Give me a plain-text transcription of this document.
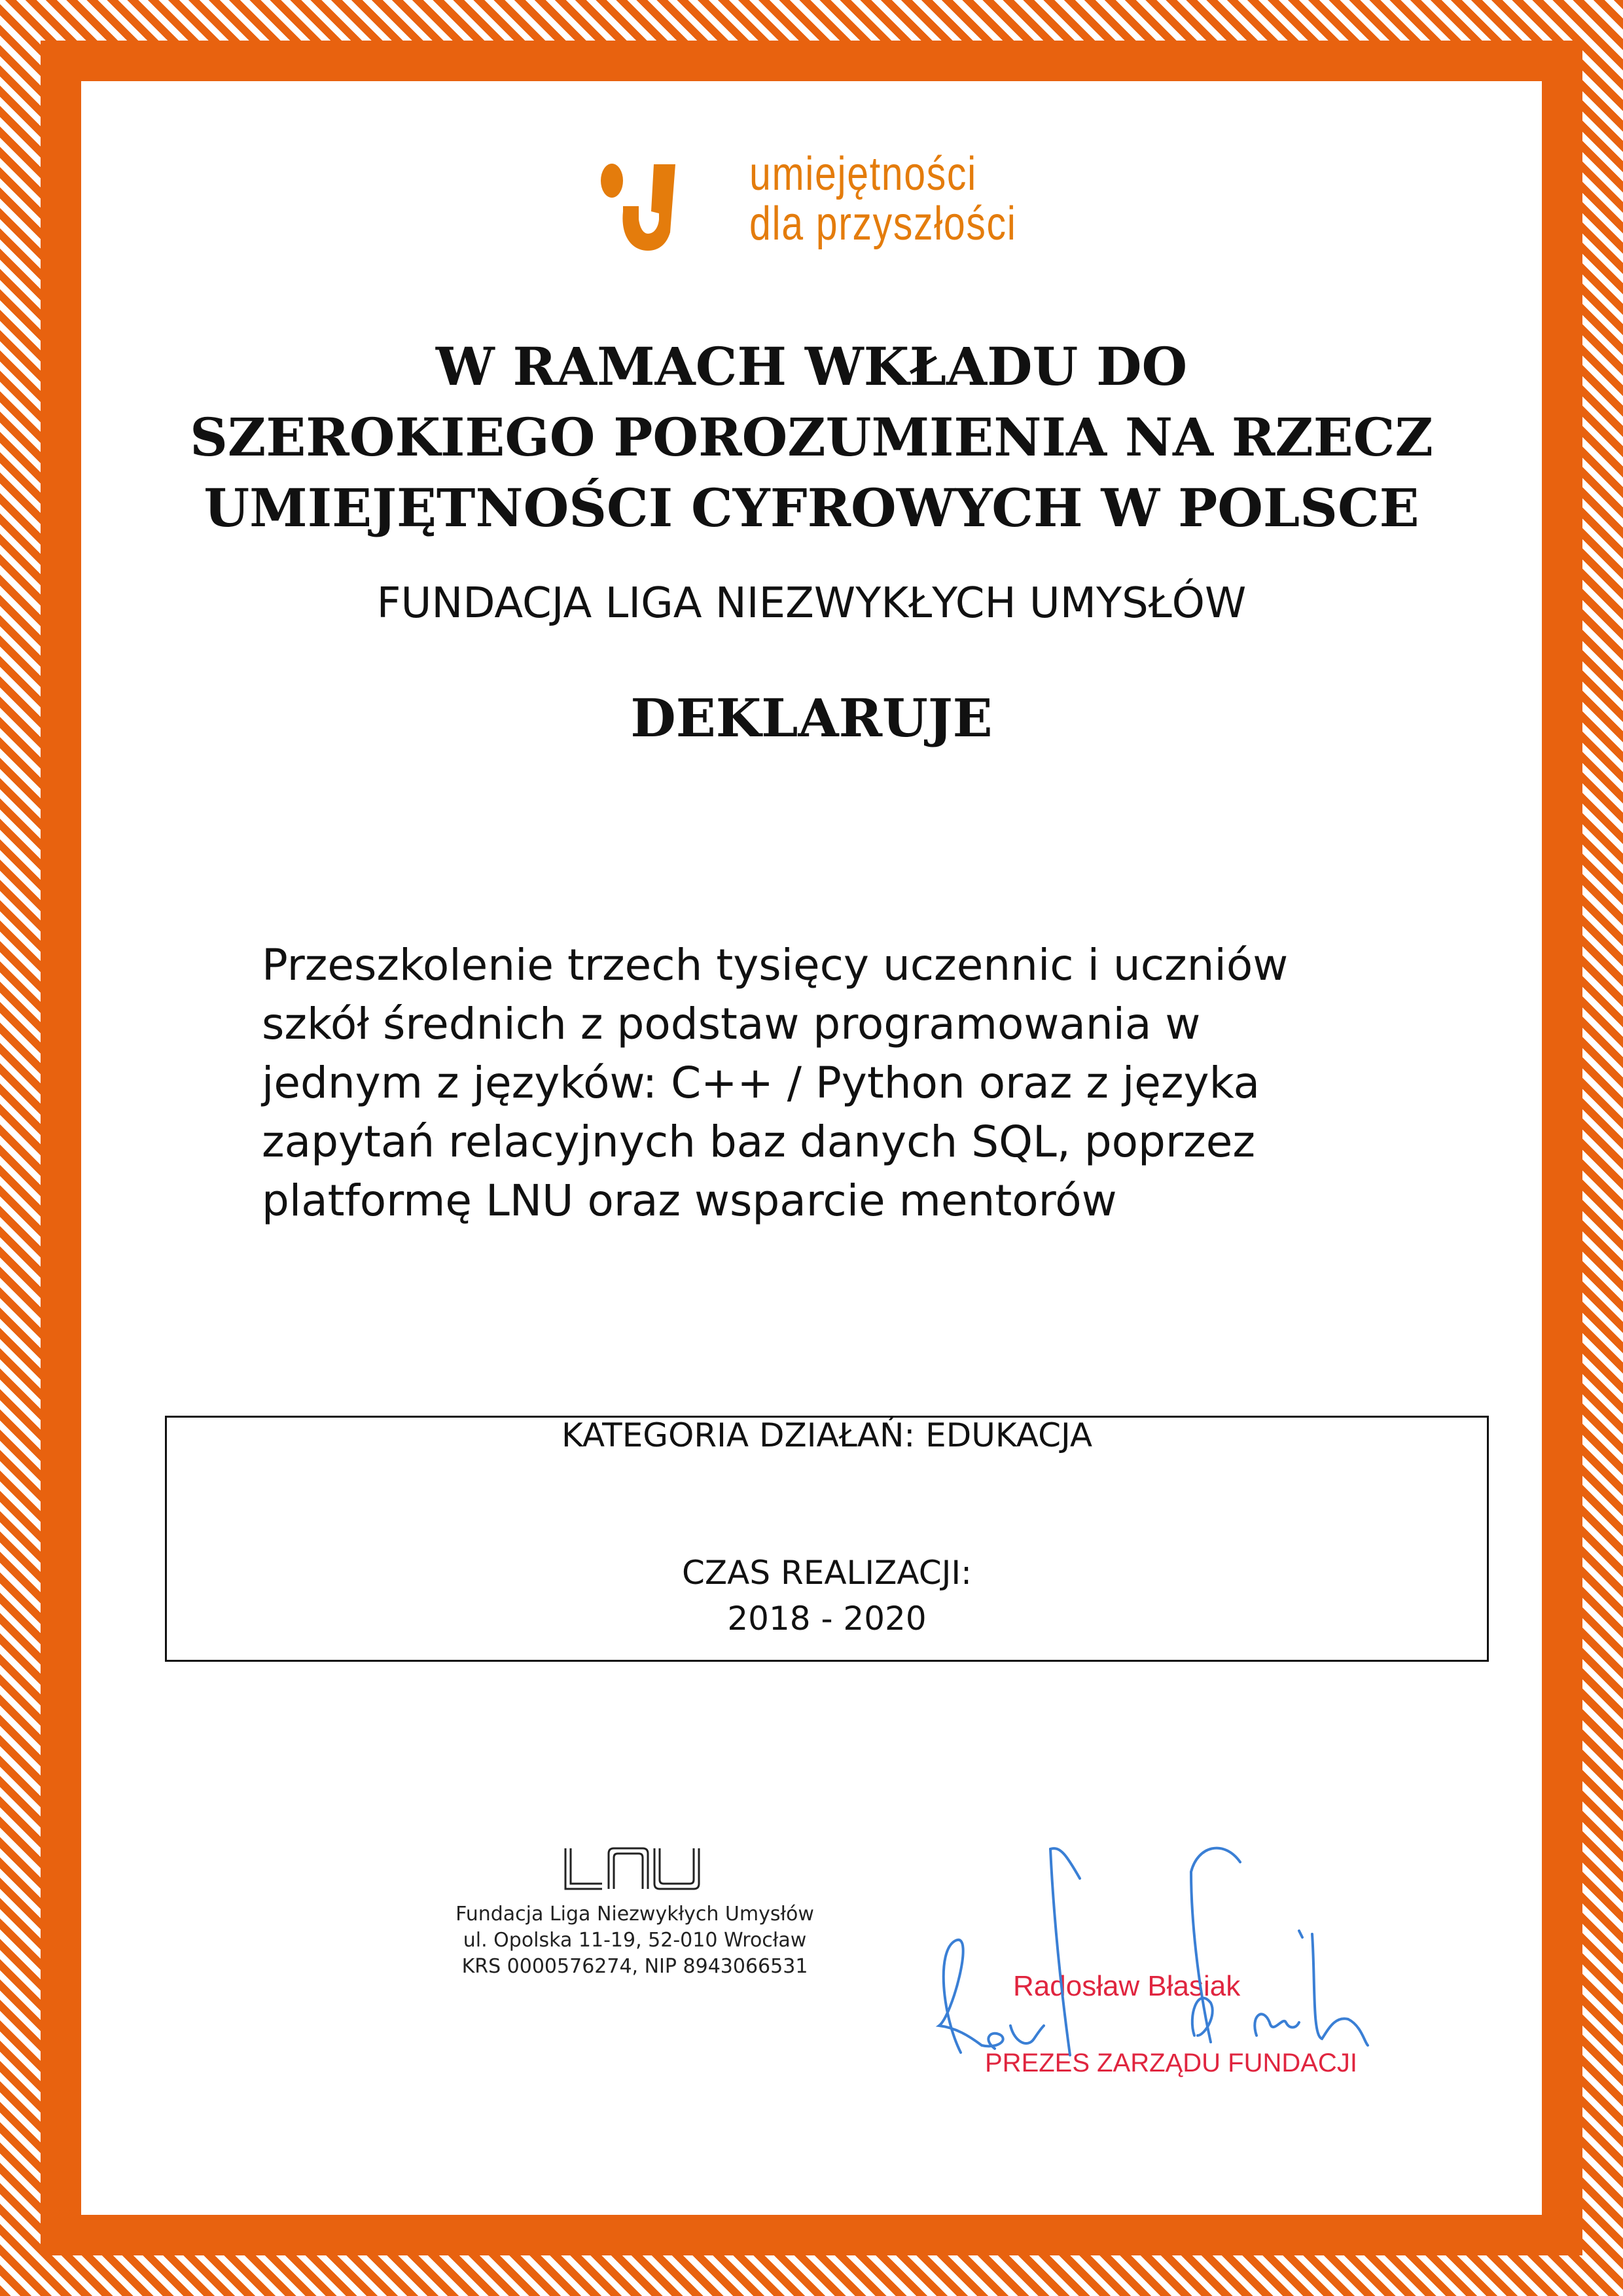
umiejętności
dla przyszłości
W RAMACH WKŁADU DO
SZEROKIEGO POROZUMIENIA NA RZECZ
UMIEJĘTNOŚCI CYFROWYCH W POLSCE
FUNDACJA LIGA NIEZWYKŁYCH UMYSŁÓW
DEKLARUJE
Przeszkolenie trzech tysięcy uczennic i uczniów
szkół średnich z podstaw programowania w
jednym z języków: C++ / Python oraz z języka
zapytań relacyjnych baz danych SQL, poprzez
platformę LNU oraz wsparcie mentorów
KATEGORIA DZIAŁAŃ: EDUKACJA
CZAS REALIZACJI:
2018 - 2020
Fundacja Liga Niezwykłych Umysłów
ul. Opolska 11-19, 52-010 Wrocław
KRS 0000576274, NIP 8943066531
Radosław Błasiak
PREZES ZARZĄDU FUNDACJI
